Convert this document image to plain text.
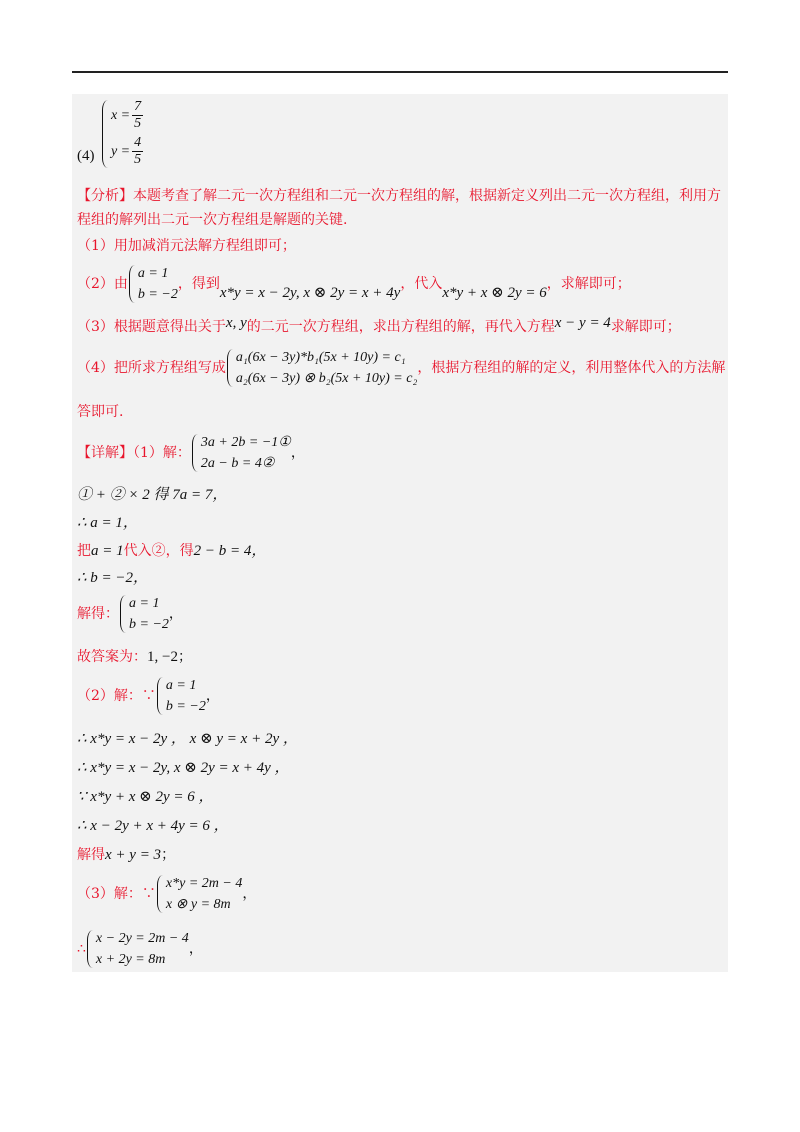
(4)
$x = \frac{7}{5}$
$y = \frac{4}{5}$
【分析】本题考查了解二元一次方程组和二元一次方程组的解，根据新定义列出二元一次方程组，利用方
程组的解列出二元一次方程组是解题的关键.
（1）用加减消元法解方程组即可；
（2）由
a = 1
b = −2
，得到x*y = x − 2y, x ⊗ 2y = x + 4y，代入x*y + x ⊗ 2y = 6，求解即可；
（3）根据题意得出关于x, y的二元一次方程组，求出方程组的解，再代入方程x − y = 4求解即可；
（4）把所求方程组写成
a₁(6x − 3y)*b₁(5x + 10y) = c₁
a₂(6x − 3y) ⊗ b₂(5x + 10y) = c₂
，根据方程组的解的定义，利用整体代入的方法解
答即可.
【详解】（1）解：
3a + 2b = −1①
2a − b = 4②
，
① + ② × 2 得 7a = 7，
∴ a = 1，
把a = 1代入②，得2 − b = 4，
∴ b = −2，
解得：
a = 1
b = −2
，
故答案为：1, −2；
（2）解：∵
a = 1
b = −2
，
∴ x*y = x − 2y ， x ⊗ y = x + 2y ，
∴ x*y = x − 2y, x ⊗ 2y = x + 4y ，
∵ x*y + x ⊗ 2y = 6 ，
∴ x − 2y + x + 4y = 6 ，
解得x + y = 3；
（3）解：∵
x*y = 2m − 4
x ⊗ y = 8m
，
∴
x − 2y = 2m − 4
x + 2y = 8m
，
